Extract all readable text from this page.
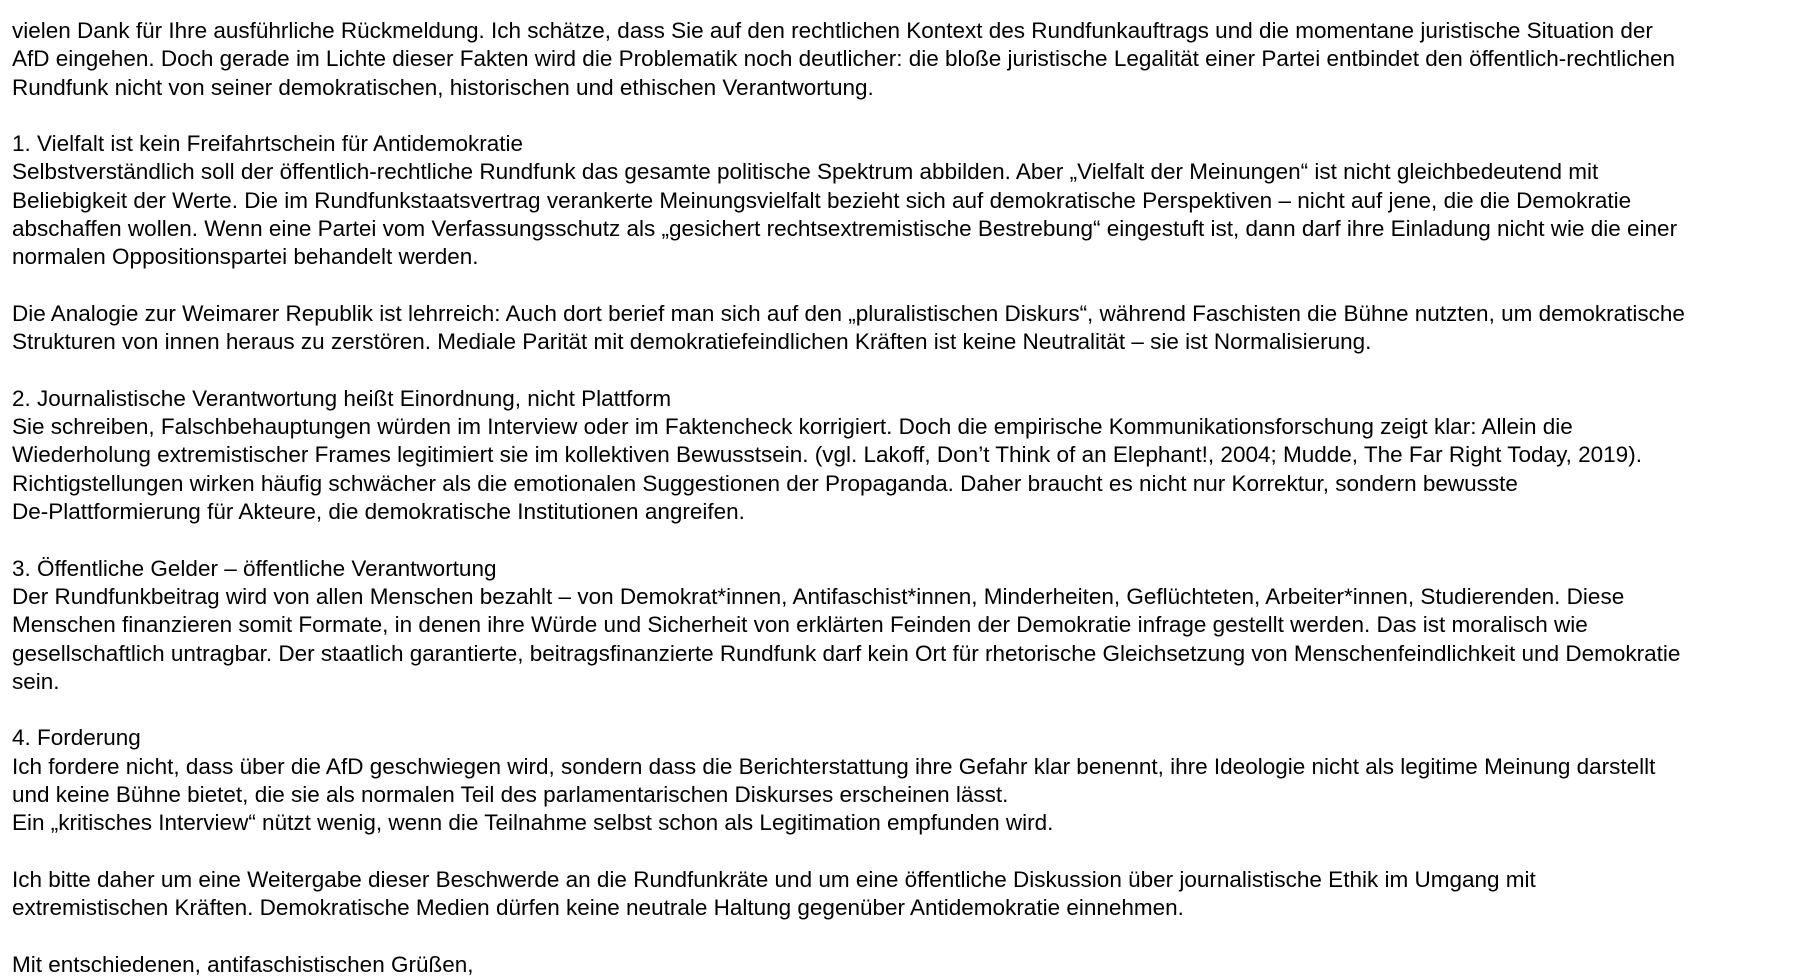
vielen Dank für Ihre ausführliche Rückmeldung. Ich schätze, dass Sie auf den rechtlichen Kontext des Rundfunkauftrags und die momentane juristische Situation der
AfD eingehen. Doch gerade im Lichte dieser Fakten wird die Problematik noch deutlicher: die bloße juristische Legalität einer Partei entbindet den öffentlich-rechtlichen
Rundfunk nicht von seiner demokratischen, historischen und ethischen Verantwortung.

1. Vielfalt ist kein Freifahrtschein für Antidemokratie

Selbstverständlich soll der öffentlich-rechtliche Rundfunk das gesamte politische Spektrum abbilden. Aber „Vielfalt der Meinungen“ ist nicht gleichbedeutend mit
Beliebigkeit der Werte. Die im Rundfunkstaatsvertrag verankerte Meinungsvielfalt bezieht sich auf demokratische Perspektiven – nicht auf jene, die die Demokratie
abschaffen wollen. Wenn eine Partei vom Verfassungsschutz als „gesichert rechtsextremistische Bestrebung“ eingestuft ist, dann darf ihre Einladung nicht wie die einer
normalen Oppositionspartei behandelt werden.

Die Analogie zur Weimarer Republik ist lehrreich: Auch dort berief man sich auf den „pluralistischen Diskurs“, während Faschisten die Bühne nutzten, um demokratische
Strukturen von innen heraus zu zerstören. Mediale Parität mit demokratiefeindlichen Kräften ist keine Neutralität – sie ist Normalisierung.

2. Journalistische Verantwortung heißt Einordnung, nicht Plattform

Sie schreiben, Falschbehauptungen würden im Interview oder im Faktencheck korrigiert. Doch die empirische Kommunikationsforschung zeigt klar: Allein die
Wiederholung extremistischer Frames legitimiert sie im kollektiven Bewusstsein. (vgl. Lakoff, Don’t Think of an Elephant!, 2004; Mudde, The Far Right Today, 2019).
Richtigstellungen wirken häufig schwächer als die emotionalen Suggestionen der Propaganda. Daher braucht es nicht nur Korrektur, sondern bewusste
De-Plattformierung für Akteure, die demokratische Institutionen angreifen.

3. Öffentliche Gelder – öffentliche Verantwortung

Der Rundfunkbeitrag wird von allen Menschen bezahlt – von Demokrat*innen, Antifaschist*innen, Minderheiten, Geflüchteten, Arbeiter*innen, Studierenden. Diese
Menschen finanzieren somit Formate, in denen ihre Würde und Sicherheit von erklärten Feinden der Demokratie infrage gestellt werden. Das ist moralisch wie
gesellschaftlich untragbar. Der staatlich garantierte, beitragsfinanzierte Rundfunk darf kein Ort für rhetorische Gleichsetzung von Menschenfeindlichkeit und Demokratie
sein.

4. Forderung

Ich fordere nicht, dass über die AfD geschwiegen wird, sondern dass die Berichterstattung ihre Gefahr klar benennt, ihre Ideologie nicht als legitime Meinung darstellt
und keine Bühne bietet, die sie als normalen Teil des parlamentarischen Diskurses erscheinen lässt.
Ein „kritisches Interview“ nützt wenig, wenn die Teilnahme selbst schon als Legitimation empfunden wird.

Ich bitte daher um eine Weitergabe dieser Beschwerde an die Rundfunkräte und um eine öffentliche Diskussion über journalistische Ethik im Umgang mit
extremistischen Kräften. Demokratische Medien dürfen keine neutrale Haltung gegenüber Antidemokratie einnehmen.

Mit entschiedenen, antifaschistischen Grüßen,
